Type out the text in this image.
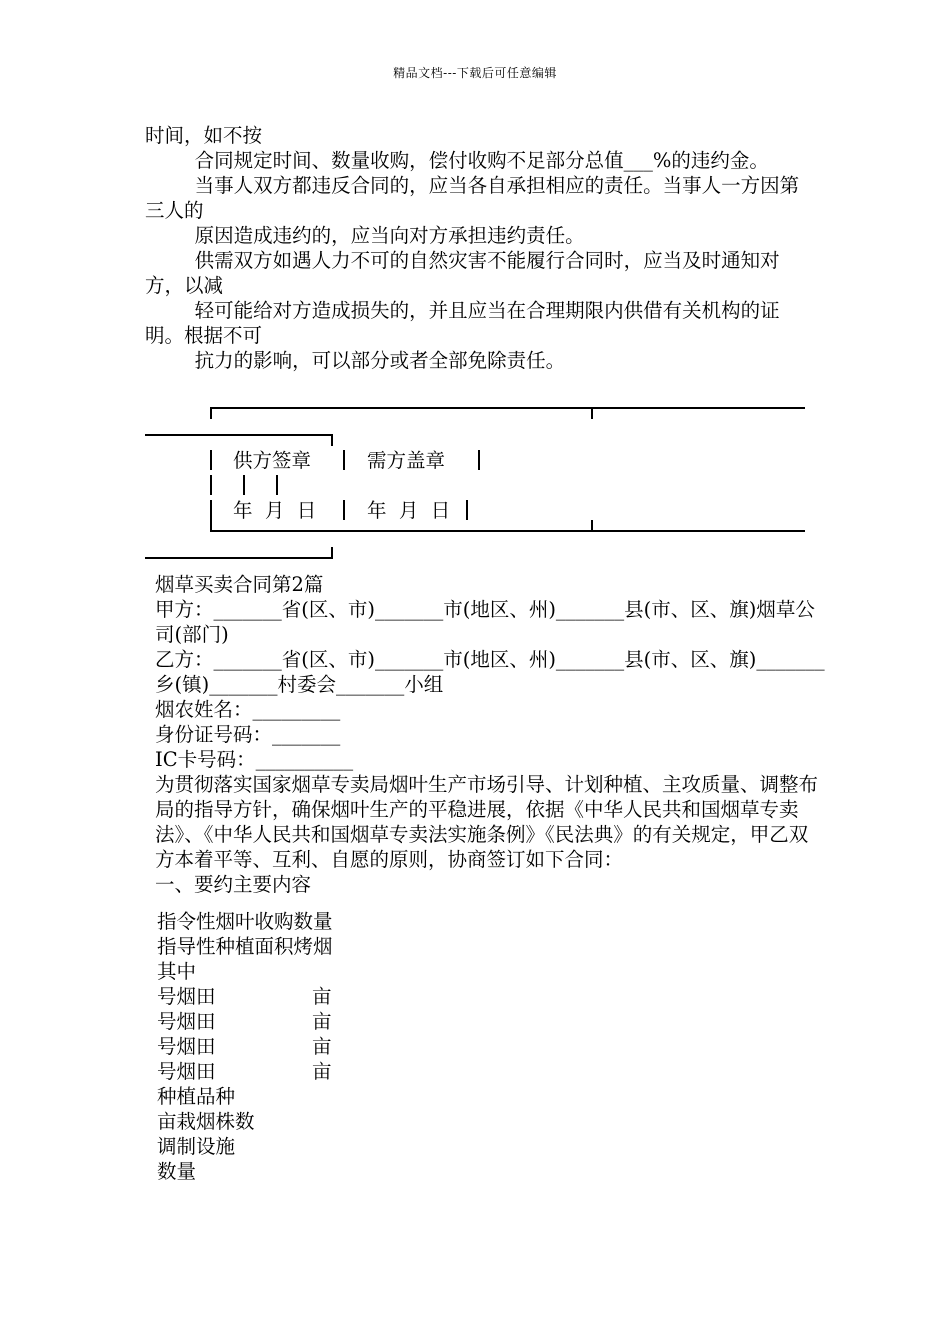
精品文档---下载后可任意编辑

时间，如不按

合同规定时间、数量收购，偿付收购不足部分总值___%的违约金。

当事人双方都违反合同的，应当各自承担相应的责任。当事人一方因第三人的

原因造成违约的，应当向对方承担违约责任。

供需双方如遇人力不可的自然灾害不能履行合同时，应当及时通知对方，以减

轻可能给对方造成损失的，并且应当在合理期限内供借有关机构的证明。根据不可

抗力的影响，可以部分或者全部免除责任。

供方签章	需方盖章
年  月  日	年  月  日

烟草买卖合同第2篇

甲方：_______省(区、市)_______市(地区、州)_______县(市、区、旗)烟草公司(部门)

乙方：_______省(区、市)_______市(地区、州)_______县(市、区、旗)_______乡(镇)_______村委会_______小组

烟农姓名：_________

身份证号码：_______

IC卡号码：__________

为贯彻落实国家烟草专卖局烟叶生产市场引导、计划种植、主攻质量、调整布局的指导方针，确保烟叶生产的平稳进展，依据《中华人民共和国烟草专卖法》、《中华人民共和国烟草专卖法实施条例》《民法典》的有关规定，甲乙双方本着平等、互利、自愿的原则，协商签订如下合同：

一、要约主要内容

指令性烟叶收购数量

指导性种植面积烤烟

其中

号烟田	亩

号烟田	亩

号烟田	亩

号烟田	亩

种植品种

亩栽烟株数

调制设施

数量
